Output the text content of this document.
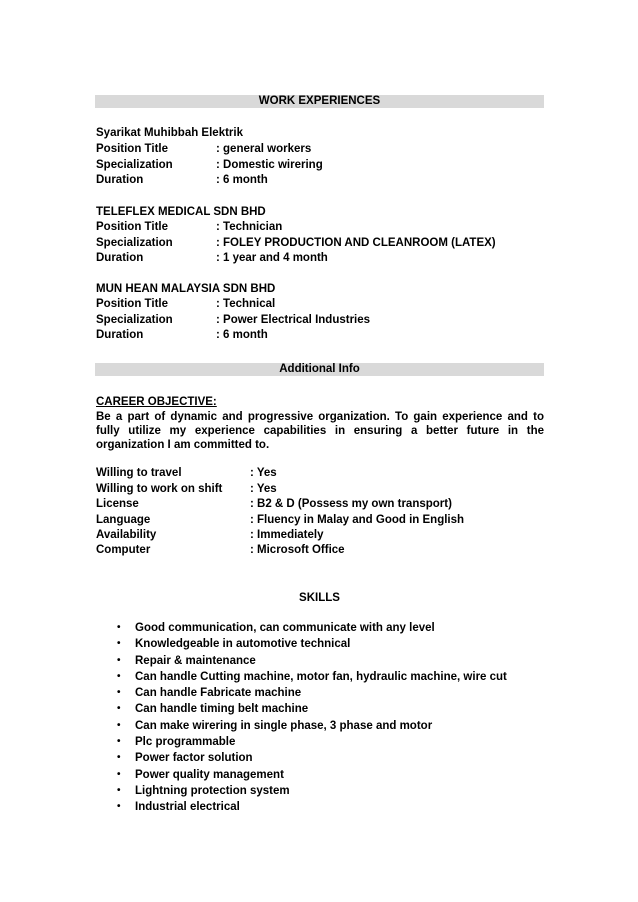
WORK EXPERIENCES
Syarikat Muhibbah Elektrik
Position Title	: general workers
Specialization	: Domestic wirering
Duration	: 6 month
TELEFLEX MEDICAL SDN BHD
Position Title	: Technician
Specialization	: FOLEY PRODUCTION AND CLEANROOM (LATEX)
Duration	: 1 year and 4 month
MUN HEAN MALAYSIA SDN BHD
Position Title	: Technical
Specialization	: Power Electrical Industries
Duration	: 6 month
Additional Info
CAREER OBJECTIVE:
Be a part of dynamic and progressive organization. To gain experience and to fully utilize my experience capabilities in ensuring a better future in the organization I am committed to.
Willing to travel	: Yes
Willing to work on shift : Yes
License	: B2 & D (Possess my own transport)
Language	: Fluency in Malay and Good in English
Availability	: Immediately
Computer	: Microsoft Office
SKILLS
• Good communication, can communicate with any level
• Knowledgeable in automotive technical
• Repair & maintenance
• Can handle Cutting machine, motor fan, hydraulic machine, wire cut
• Can handle Fabricate machine
• Can handle timing belt machine
• Can make wirering in single phase, 3 phase and motor
• Plc programmable
• Power factor solution
• Power quality management
• Lightning protection system
• Industrial electrical
